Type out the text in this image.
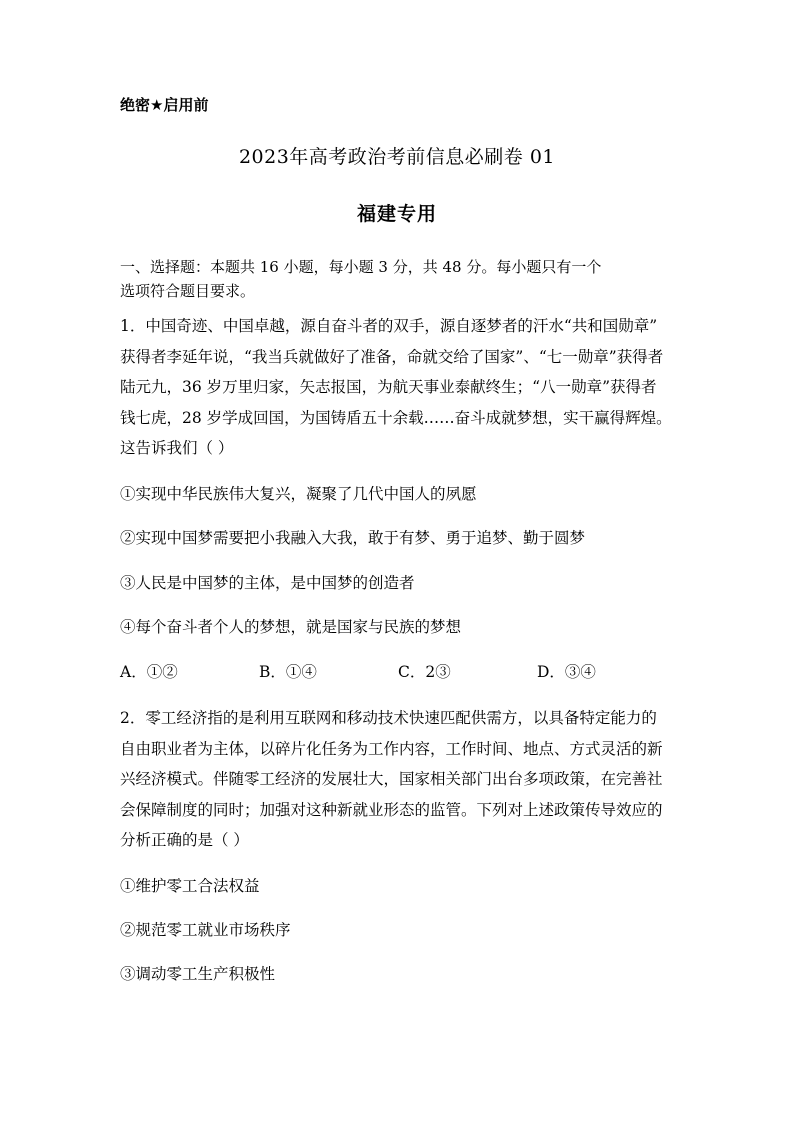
绝密★启用前
2023年高考政治考前信息必刷卷 01
福建专用
一、选择题：本题共 16 小题，每小题 3 分，共 48 分。每小题只有一个
选项符合题目要求。
1．中国奇迹、中国卓越，源自奋斗者的双手，源自逐梦者的汗水“共和国勋章”
获得者李延年说，“我当兵就做好了准备，命就交给了国家”、“七一勋章”获得者
陆元九，36 岁万里归家，矢志报国，为航天事业泰献终生；“八一勋章”获得者
钱七虎，28 岁学成回国，为国铸盾五十余载……奋斗成就梦想，实干赢得辉煌。
这告诉我们（ ）
①实现中华民族伟大复兴，凝聚了几代中国人的夙愿
②实现中国梦需要把小我融入大我，敢于有梦、勇于追梦、勤于圆梦
③人民是中国梦的主体，是中国梦的创造者
④每个奋斗者个人的梦想，就是国家与民族的梦想
A．①②	B．①④	C．2③	D．③④
2．零工经济指的是利用互联网和移动技术快速匹配供需方，以具备特定能力的
自由职业者为主体，以碎片化任务为工作内容，工作时间、地点、方式灵活的新
兴经济模式。伴随零工经济的发展壮大，国家相关部门出台多项政策，在完善社
会保障制度的同时；加强对这种新就业形态的监管。下列对上述政策传导效应的
分析正确的是（ ）
①维护零工合法权益
②规范零工就业市场秩序
③调动零工生产积极性
